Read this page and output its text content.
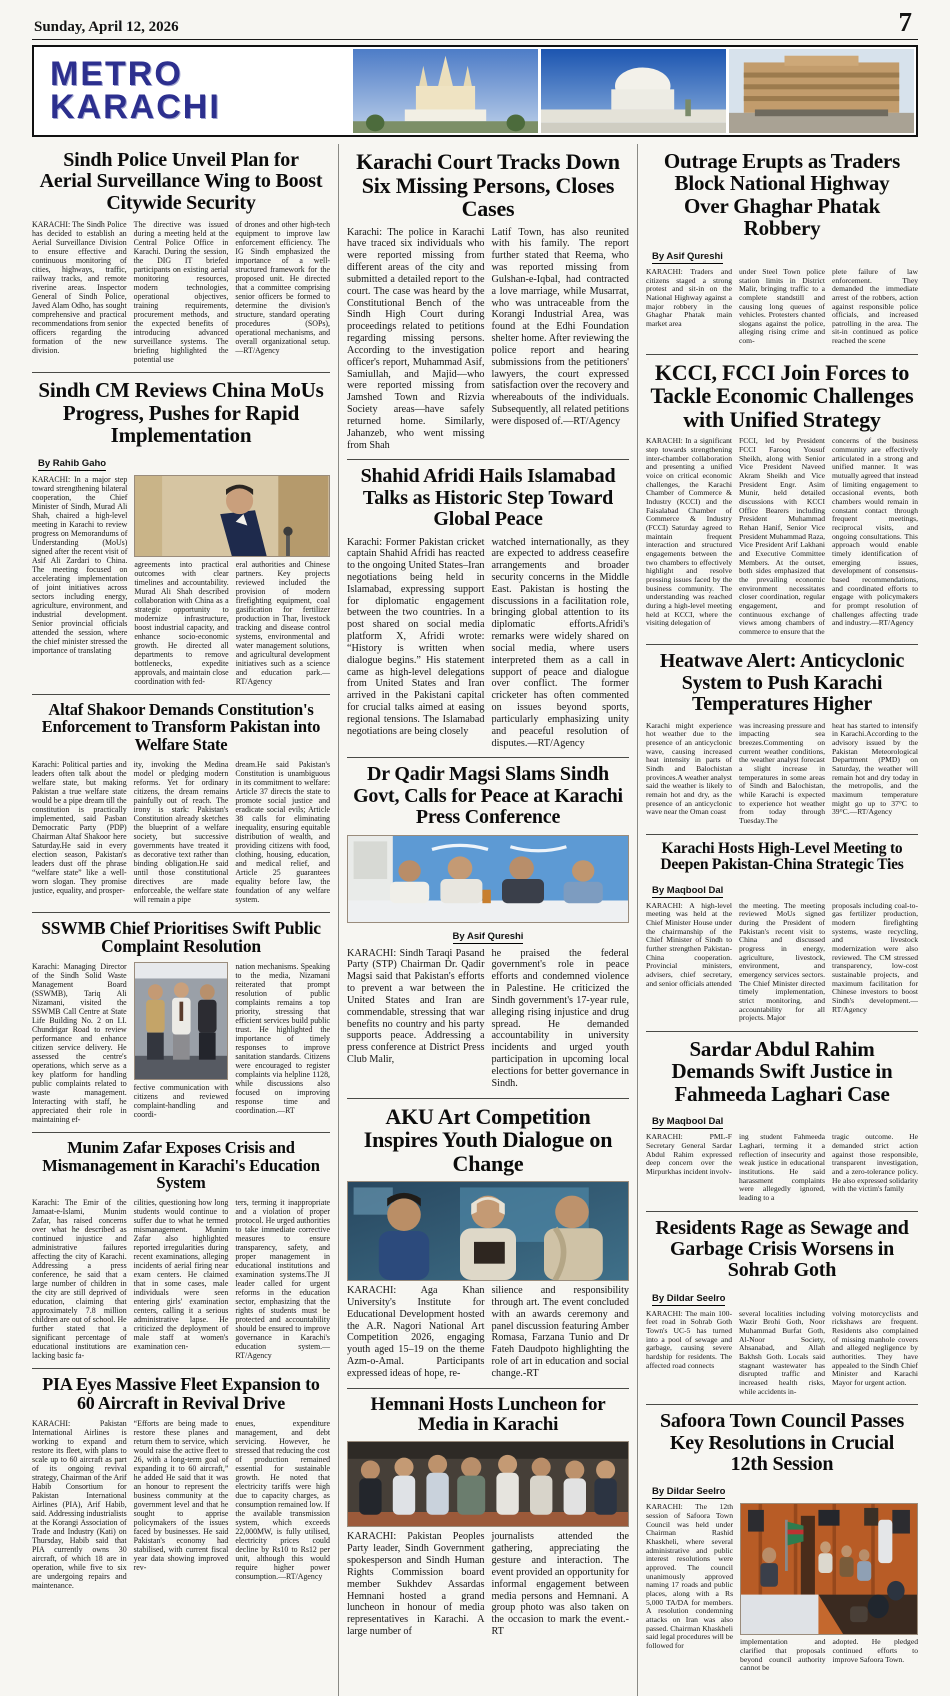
Sunday, April 12, 2026	7
METRO
KARACHI
Sindh Police Unveil Plan for Aerial Surveillance Wing to Boost Citywide Security
KARACHI: The Sindh Police has decided to establish an Aerial Surveillance Division to ensure effective and continuous monitoring of cities, highways, traffic, railway tracks, and remote riverine areas. Inspector General of Sindh Police, Javed Alam Odho, has sought comprehensive and practical recommendations from senior officers regarding the formation of the new division.
The directive was issued during a meeting held at the Central Police Office in Karachi. During the session, the DIG IT briefed participants on existing aerial monitoring resources, modern technologies, operational objectives, training requirements, procurement methods, and the expected benefits of introducing advanced surveillance systems. The briefing highlighted the potential use
of drones and other high-tech equipment to improve law enforcement efficiency. The IG Sindh emphasized the importance of a well-structured framework for the proposed unit. He directed that a committee comprising senior officers be formed to determine the division's structure, standard operating procedures (SOPs), operational mechanisms, and overall organizational setup.—RT/Agency
Sindh CM Reviews China MoUs Progress, Pushes for Rapid Implementation
By Rahib Gaho
KARACHI: In a major step toward strengthening bilateral cooperation, the Chief Minister of Sindh, Murad Ali Shah, chaired a high-level meeting in Karachi to review progress on Memorandums of Understanding (MoUs) signed after the recent visit of Asif Ali Zardari to China. The meeting focused on accelerating implementation of joint initiatives across sectors including energy, agriculture, environment, and industrial development. Senior provincial officials attended the session, where the chief minister stressed the importance of translating
agreements into practical outcomes with clear timelines and accountability. Murad Ali Shah described collaboration with China as a strategic opportunity to modernize infrastructure, boost industrial capacity, and enhance socio-economic growth. He directed all departments to remove bottlenecks, expedite approvals, and maintain close coordination with fed-
eral authorities and Chinese partners. Key projects reviewed included the provision of modern firefighting equipment, coal gasification for fertilizer production in Thar, livestock tracking and disease control systems, environmental and water management solutions, and agricultural development initiatives such as a science and education park.—RT/Agency
Altaf Shakoor Demands Constitution's Enforcement to Transform Pakistan into Welfare State
Karachi: Political parties and leaders often talk about the welfare state, but making Pakistan a true welfare state would be a pipe dream till the constitution is practically implemented, said Pasban Democratic Party (PDP) Chairman Altaf Shakoor here Saturday.He said in every election season, Pakistan's leaders dust off the phrase “welfare state” like a well-worn slogan. They promise justice, equality, and prosper-
ity, invoking the Medina model or pledging modern reforms. Yet for ordinary citizens, the dream remains painfully out of reach. The irony is stark: Pakistan's Constitution already sketches the blueprint of a welfare society, but successive governments have treated it as decorative text rather than binding obligation.He said until those constitutional directives are made enforceable, the welfare state will remain a pipe
dream.He said Pakistan's Constitution is unambiguous in its commitment to welfare: Article 37 directs the state to promote social justice and eradicate social evils; Article 38 calls for eliminating inequality, ensuring equitable distribution of wealth, and providing citizens with food, clothing, housing, education, and medical relief, and Article 25 guarantees equality before law, the foundation of any welfare system.
SSWMB Chief Prioritises Swift Public Complaint Resolution
Karachi: Managing Director of the Sindh Solid Waste Management Board (SSWMB), Tariq Ali Nizamani, visited the SSWMB Call Centre at State Life Building No. 2 on I.I. Chundrigar Road to review performance and enhance citizen service delivery. He assessed the centre's operations, which serve as a key platform for handling public complaints related to waste management. Interacting with staff, he appreciated their role in maintaining ef-
fective communication with citizens and reviewed complaint-handling and coordi-
nation mechanisms. Speaking to the media, Nizamani reiterated that prompt resolution of public complaints remains a top priority, stressing that efficient services build public trust. He highlighted the importance of timely responses to improve sanitation standards. Citizens were encouraged to register complaints via helpline 1128, while discussions also focused on improving response time and coordination.—RT
Munim Zafar Exposes Crisis and Mismanagement in Karachi's Education System
Karachi: The Emir of the Jamaat-e-Islami, Munim Zafar, has raised concerns over what he described as continued injustice and administrative failures affecting the city of Karachi. Addressing a press conference, he said that a large number of children in the city are still deprived of education, claiming that approximately 7.8 million children are out of school. He further stated that a significant percentage of educational institutions are lacking basic fa-
cilities, questioning how long students would continue to suffer due to what he termed mismanagement. Munim Zafar also highlighted reported irregularities during recent examinations, alleging incidents of aerial firing near exam centers. He claimed that in some cases, male individuals were seen entering girls' examination centers, calling it a serious administrative lapse. He criticized the deployment of male staff at women's examination cen-
ters, terming it inappropriate and a violation of proper protocol. He urged authorities to take immediate corrective measures to ensure transparency, safety, and proper management in educational institutions and examination systems.The JI leader called for urgent reforms in the education sector, emphasizing that the rights of students must be protected and accountability should be ensured to improve governance in Karachi's education system.—RT/Agency
PIA Eyes Massive Fleet Expansion to 60 Aircraft in Revival Drive
KARACHI: Pakistan International Airlines is working to expand and restore its fleet, with plans to scale up to 60 aircraft as part of its ongoing revival strategy, Chairman of the Arif Habib Consortium for Pakistan International Airlines (PIA), Arif Habib, said. Addressing industrialists at the Korangi Association of Trade and Industry (Kati) on Thursday, Habib said that PIA currently owns 30 aircraft, of which 18 are in operation, while five to six are undergoing repairs and maintenance.
“Efforts are being made to restore these planes and return them to service, which would raise the active fleet to 26, with a long-term goal of expanding it to 60 aircraft,” he added He said that it was an honour to represent the business community at the government level and that he sought to apprise policymakers of the issues faced by businesses. He said Pakistan's economy had stabilised, with current fiscal year data showing improved rev-
enues, expenditure management, and debt servicing. However, he stressed that reducing the cost of production remained essential for sustainable growth. He noted that electricity tariffs were high due to capacity charges, as consumption remained low. If the available transmission system, which exceeds 22,000MW, is fully utilised, electricity prices could decline by Rs10 to Rs12 per unit, although this would require higher power consumption.—RT/Agency
Karachi Court Tracks Down Six Missing Persons, Closes Cases
Karachi: The police in Karachi have traced six individuals who were reported missing from different areas of the city and submitted a detailed report to the court. The case was heard by the Constitutional Bench of the Sindh High Court during proceedings related to petitions regarding missing persons. According to the investigation officer's report, Muhammad Asif, Samiullah, and Majid—who were reported missing from Jamshed Town and Rizvia Society areas—have safely returned home. Similarly, Jahanzeb, who went missing from Shah
Latif Town, has also reunited with his family. The report further stated that Reema, who was reported missing from Gulshan-e-Iqbal, had contracted a love marriage, while Musarrat, who was untraceable from the Korangi Industrial Area, was found at the Edhi Foundation shelter home. After reviewing the police report and hearing submissions from the petitioners' lawyers, the court expressed satisfaction over the recovery and whereabouts of the individuals. Subsequently, all related petitions were disposed of.—RT/Agency
Shahid Afridi Hails Islamabad Talks as Historic Step Toward Global Peace
Karachi: Former Pakistan cricket captain Shahid Afridi has reacted to the ongoing United States–Iran negotiations being held in Islamabad, expressing support for diplomatic engagement between the two countries. In a post shared on social media platform X, Afridi wrote: “History is written when dialogue begins.” His statement came as high-level delegations from United States and Iran arrived in the Pakistani capital for crucial talks aimed at easing regional tensions. The Islamabad negotiations are being closely
watched internationally, as they are expected to address ceasefire arrangements and broader security concerns in the Middle East. Pakistan is hosting the discussions in a facilitation role, bringing global attention to its diplomatic efforts.Afridi's remarks were widely shared on social media, where users interpreted them as a call in support of peace and dialogue over conflict. The former cricketer has often commented on issues beyond sports, particularly emphasizing unity and peaceful resolution of disputes.—RT/Agency
Dr Qadir Magsi Slams Sindh Govt, Calls for Peace at Karachi Press Conference
By Asif Qureshi
KARACHI: Sindh Taraqi Pasand Party (STP) Chairman Dr. Qadir Magsi said that Pakistan's efforts to prevent a war between the United States and Iran are commendable, stressing that war benefits no country and his party supports peace. Addressing a press conference at District Press Club Malir,
he praised the federal government's role in peace efforts and condemned violence in Palestine. He criticized the Sindh government's 17-year rule, alleging rising injustice and drug spread. He demanded accountability in university incidents and urged youth participation in upcoming local elections for better governance in Sindh.
AKU Art Competition Inspires Youth Dialogue on Change
KARACHI: Aga Khan University's Institute for Educational Development hosted the A.R. Nagori National Art Competition 2026, engaging youth aged 15–19 on the theme Azm-o-Amal. Participants expressed ideas of hope, re-
silience and responsibility through art. The event concluded with an awards ceremony and panel discussion featuring Amber Romasa, Farzana Tunio and Dr Fateh Daudpoto highlighting the role of art in education and social change.-RT
Hemnani Hosts Luncheon for Media in Karachi
KARACHI: Pakistan Peoples Party leader, Sindh Government spokesperson and Sindh Human Rights Commission board member Sukhdev Assardas Hemnani hosted a grand luncheon in honour of media representatives in Karachi. A large number of
journalists attended the gathering, appreciating the gesture and interaction. The event provided an opportunity for informal engagement between media persons and Hemnani. A group photo was also taken on the occasion to mark the event.-RT
Outrage Erupts as Traders Block National Highway Over Ghaghar Phatak Robbery
By Asif Qureshi
KARACHI: Traders and citizens staged a strong protest and sit-in on the National Highway against a major robbery in the Ghaghar Phatak main market area
under Steel Town police station limits in District Malir, bringing traffic to a complete standstill and causing long queues of vehicles. Protesters chanted slogans against the police, alleging rising crime and com-
plete failure of law enforcement. They demanded the immediate arrest of the robbers, action against responsible police officials, and increased patrolling in the area. The sit-in continued as police reached the scene
KCCI, FCCI Join Forces to Tackle Economic Challenges with Unified Strategy
KARACHI: In a significant step towards strengthening inter-chamber collaboration and presenting a unified voice on critical economic challenges, the Karachi Chamber of Commerce & Industry (KCCI) and the Faisalabad Chamber of Commerce & Industry (FCCI) Saturday agreed to maintain frequent interaction and structured engagements between the two chambers to effectively highlight and resolve pressing issues faced by the business community. The understanding was reached during a high-level meeting held at KCCI, where the visiting delegation of
FCCI, led by President FCCI Farooq Yousuf Sheikh, along with Senior Vice President Naveed Akram Sheikh and Vice President Engr. Asim Munir, held detailed discussions with KCCI Office Bearers including President Muhammad Rehan Hanif, Senior Vice President Muhammad Raza, Vice President Arif Lakhani and Executive Committee Members. At the outset, both sides emphasized that the prevailing economic environment necessitates closer coordination, regular engagement, and continuous exchange of views among chambers of commerce to ensure that the
concerns of the business community are effectively articulated in a strong and unified manner. It was mutually agreed that instead of limiting engagement to occasional events, both chambers would remain in constant contact through frequent meetings, reciprocal visits, and ongoing consultations. This approach would enable timely identification of emerging issues, development of consensus-based recommendations, and coordinated efforts to engage with policymakers for prompt resolution of challenges affecting trade and industry.—RT/Agency
Heatwave Alert: Anticyclonic System to Push Karachi Temperatures Higher
Karachi might experience hot weather due to the presence of an anticyclonic wave, causing increased heat intensity in parts of Sindh and Balochistan provinces.A weather analyst said the weather is likely to remain hot and dry, as the presence of an anticyclonic wave near the Oman coast
was increasing pressure and impacting sea breezes.Commenting on current weather conditions, the weather analyst forecast a slight increase in temperatures in some areas of Sindh and Balochistan, while Karachi is expected to experience hot weather from today through Tuesday.The
heat has started to intensify in Karachi.According to the advisory issued by the Pakistan Meteorological Department (PMD) on Saturday, the weather will remain hot and dry today in the metropolis, and the maximum temperature might go up to 37°C to 39°C.—RT/Agency
Karachi Hosts High-Level Meeting to Deepen Pakistan-China Strategic Ties
By Maqbool Dal
KARACHI: A high-level meeting was held at the Chief Minister House under the chairmanship of the Chief Minister of Sindh to further strengthen Pakistan-China cooperation. Provincial ministers, advisers, chief secretary, and senior officials attended
the meeting. The meeting reviewed MoUs signed during the President of Pakistan's recent visit to China and discussed progress in energy, agriculture, livestock, environment, and emergency services sectors. The Chief Minister directed timely implementation, strict monitoring, and accountability for all projects. Major
proposals including coal-to-gas fertilizer production, modern firefighting systems, waste recycling, and livestock modernization were also reviewed. The CM stressed transparency, low-cost sustainable projects, and maximum facilitation for Chinese investors to boost Sindh's development.—RT/Agency
Sardar Abdul Rahim Demands Swift Justice in Fahmeeda Laghari Case
By Maqbool Dal
KARACHI: PML-F Secretary General Sardar Abdul Rahim expressed deep concern over the Mirpurkhas incident involv-
ing student Fahmeeda Laghari, terming it a reflection of insecurity and weak justice in educational institutions. He said harassment complaints were allegedly ignored, leading to a
tragic outcome. He demanded strict action against those responsible, transparent investigation, and a zero-tolerance policy. He also expressed solidarity with the victim's family
Residents Rage as Sewage and Garbage Crisis Worsens in Sohrab Goth
By Dildar Seelro
KARACHI: The main 100-feet road in Sohrab Goth Town's UC-5 has turned into a pool of sewage and garbage, causing severe hardship for residents. The affected road connects
several localities including Wazir Brohi Goth, Noor Muhammad Burfat Goth, Al-Noor Society, Ahsanabad, and Allah Bakhsh Goth. Locals said stagnant wastewater has disrupted traffic and increased health risks, while accidents in-
volving motorcyclists and rickshaws are frequent. Residents also complained of missing manhole covers and alleged negligence by authorities. They have appealed to the Sindh Chief Minister and Karachi Mayor for urgent action.
Safoora Town Council Passes Key Resolutions in Crucial 12th Session
By Dildar Seelro
KARACHI: The 12th session of Safoora Town Council was held under Chairman Rashid Khaskheli, where several administrative and public interest resolutions were approved. The council unanimously approved naming 17 roads and public places, along with a Rs 5,000 TA/DA for members. A resolution condemning attacks on Iran was also passed. Chairman Khaskheli said legal procedures will be followed for	implementation and clarified that proposals beyond council authority cannot be
adopted. He pledged continued efforts to improve Safoora Town.
